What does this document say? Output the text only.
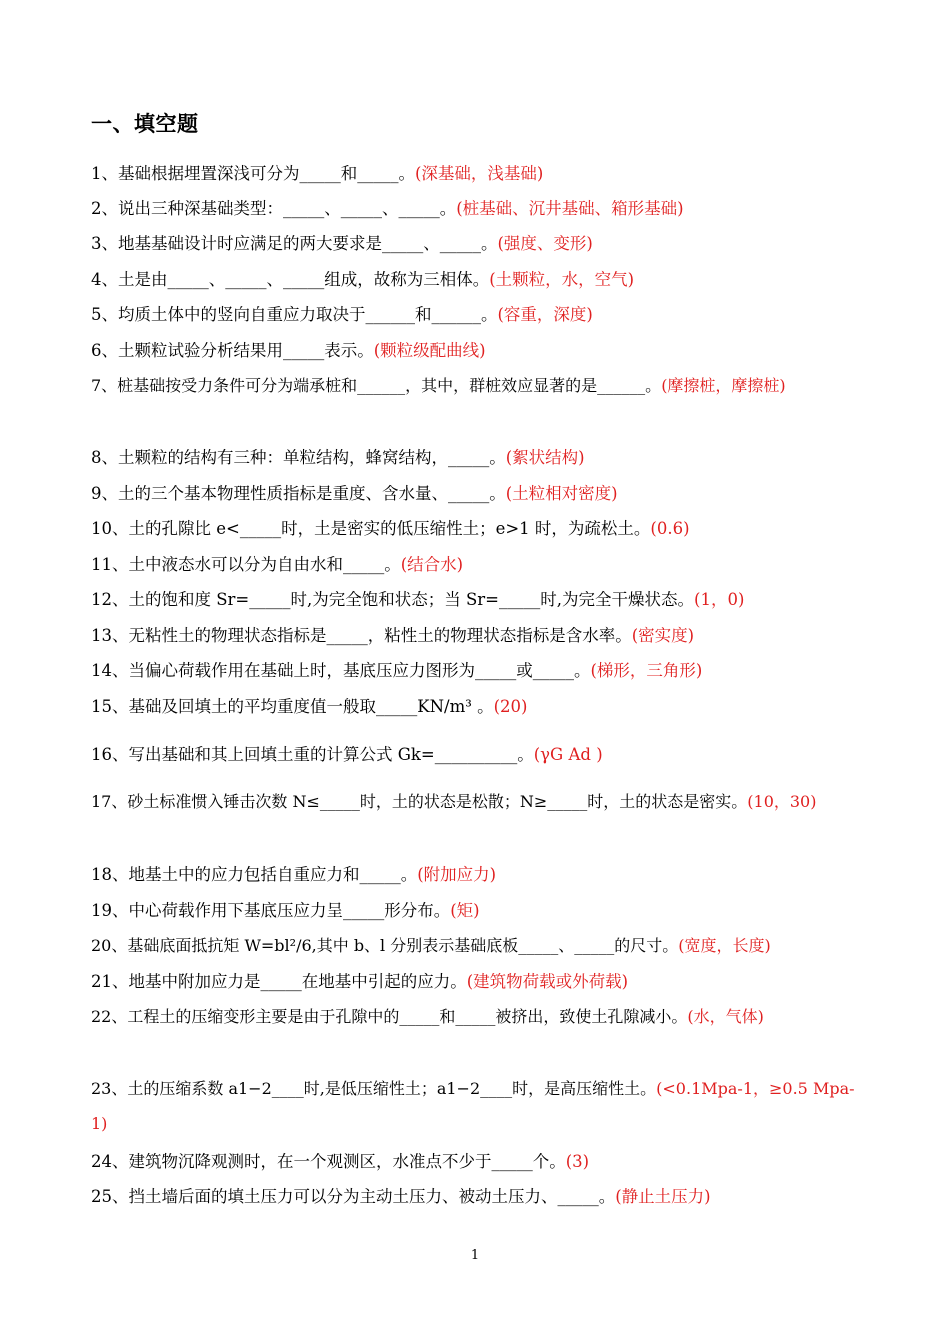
一、填空题
1、基础根据埋置深浅可分为_____和_____。(深基础，浅基础)
2、说出三种深基础类型：_____、_____、_____。(桩基础、沉井基础、箱形基础)
3、地基基础设计时应满足的两大要求是_____、_____。(强度、变形)
4、土是由_____、_____、_____组成，故称为三相体。(土颗粒，水，空气)
5、均质土体中的竖向自重应力取决于______和______。(容重，深度)
6、土颗粒试验分析结果用_____表示。(颗粒级配曲线)
7、桩基础按受力条件可分为端承桩和______，其中，群桩效应显著的是______。(摩擦桩，摩擦桩)
8、土颗粒的结构有三种：单粒结构，蜂窝结构，_____。(絮状结构)
9、土的三个基本物理性质指标是重度、含水量、_____。(土粒相对密度)
10、土的孔隙比 e<_____时，土是密实的低压缩性土；e>1 时，为疏松土。(0.6)
11、土中液态水可以分为自由水和_____。(结合水)
12、土的饱和度 Sr=_____时,为完全饱和状态；当 Sr=_____时,为完全干燥状态。(1，0)
13、无粘性土的物理状态指标是_____，粘性土的物理状态指标是含水率。(密实度)
14、当偏心荷载作用在基础上时，基底压应力图形为_____或_____。(梯形，三角形)
15、基础及回填土的平均重度值一般取_____KN/m³ 。(20)
16、写出基础和其上回填土重的计算公式 Gk=__________。(γG Ad )
17、砂土标准惯入锤击次数 N≤_____时，土的状态是松散；N≥_____时，土的状态是密实。(10，30)
18、地基土中的应力包括自重应力和_____。(附加应力)
19、中心荷载作用下基底压应力呈_____形分布。(矩)
20、基础底面抵抗矩 W=bl²/6,其中 b、l 分别表示基础底板_____、_____的尺寸。(宽度，长度)
21、地基中附加应力是_____在地基中引起的应力。(建筑物荷载或外荷载)
22、工程土的压缩变形主要是由于孔隙中的_____和_____被挤出，致使土孔隙减小。(水，气体)
23、土的压缩系数 a1−2____时,是低压缩性土；a1−2____时，是高压缩性土。(<0.1Mpa-1，≥0.5 Mpa-1)
24、建筑物沉降观测时，在一个观测区，水准点不少于_____个。(3)
25、挡土墙后面的填土压力可以分为主动土压力、被动土压力、_____。(静止土压力)
1
